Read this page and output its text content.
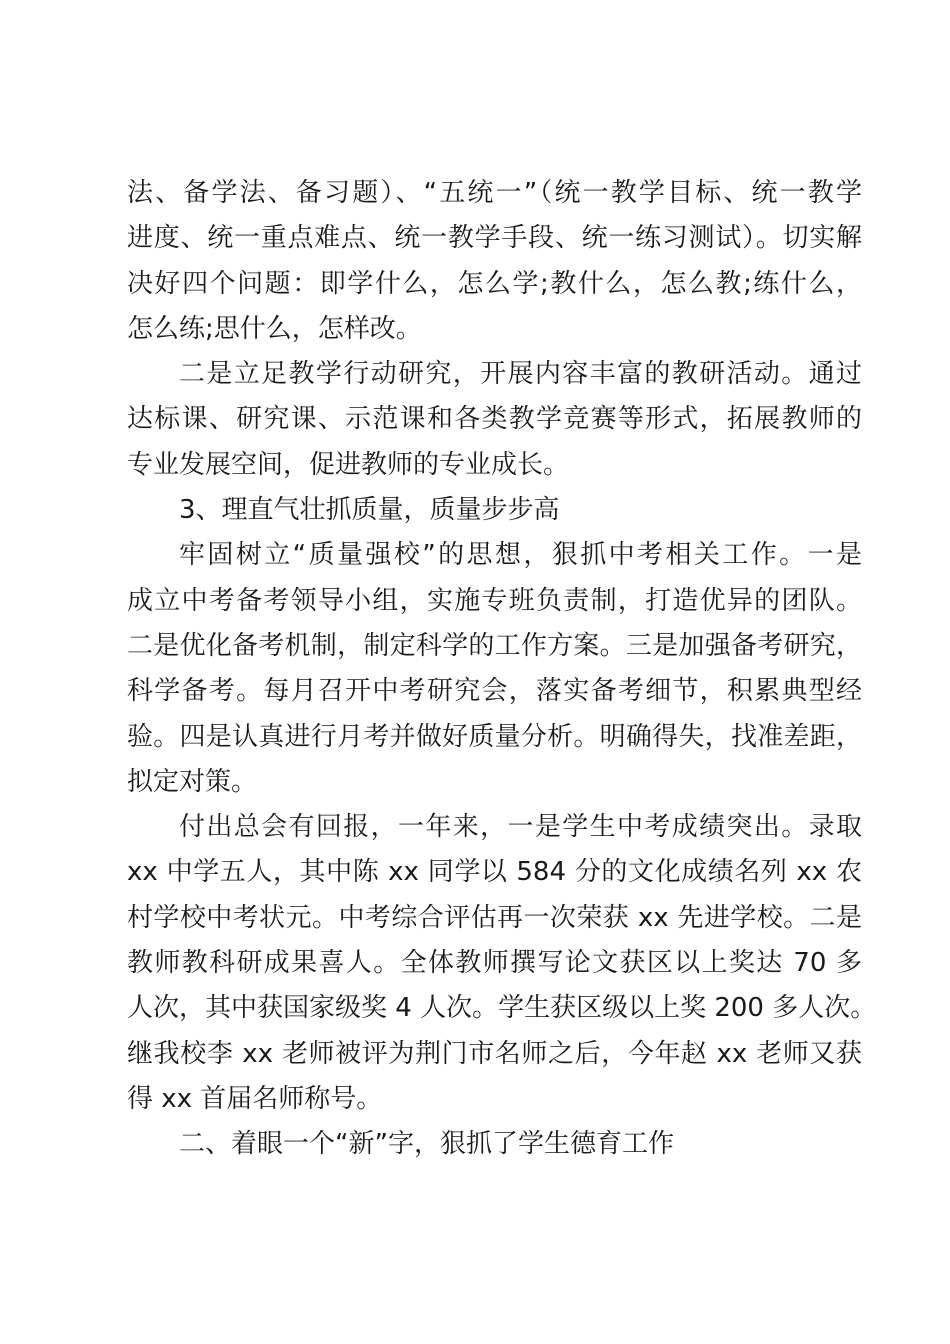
法、备学法、备习题）、“五统一”（统一教学目标、统一教学
进度、统一重点难点、统一教学手段、统一练习测试）。切实解
决好四个问题：即学什么，怎么学;教什么，怎么教;练什么，
怎么练;思什么，怎样改。

二是立足教学行动研究，开展内容丰富的教研活动。通过
达标课、研究课、示范课和各类教学竞赛等形式，拓展教师的
专业发展空间，促进教师的专业成长。

3、理直气壮抓质量，质量步步高

牢固树立“质量强校”的思想，狠抓中考相关工作。一是
成立中考备考领导小组，实施专班负责制，打造优异的团队。
二是优化备考机制，制定科学的工作方案。三是加强备考研究，
科学备考。每月召开中考研究会，落实备考细节，积累典型经
验。四是认真进行月考并做好质量分析。明确得失，找准差距，
拟定对策。

付出总会有回报，一年来，一是学生中考成绩突出。录取
xx 中学五人，其中陈 xx 同学以 584 分的文化成绩名列 xx 农
村学校中考状元。中考综合评估再一次荣获 xx 先进学校。二是
教师教科研成果喜人。全体教师撰写论文获区以上奖达 70 多
人次，其中获国家级奖 4 人次。学生获区级以上奖 200 多人次。
继我校李 xx 老师被评为荆门市名师之后，今年赵 xx 老师又获
得 xx 首届名师称号。

二、着眼一个“新”字，狠抓了学生德育工作
